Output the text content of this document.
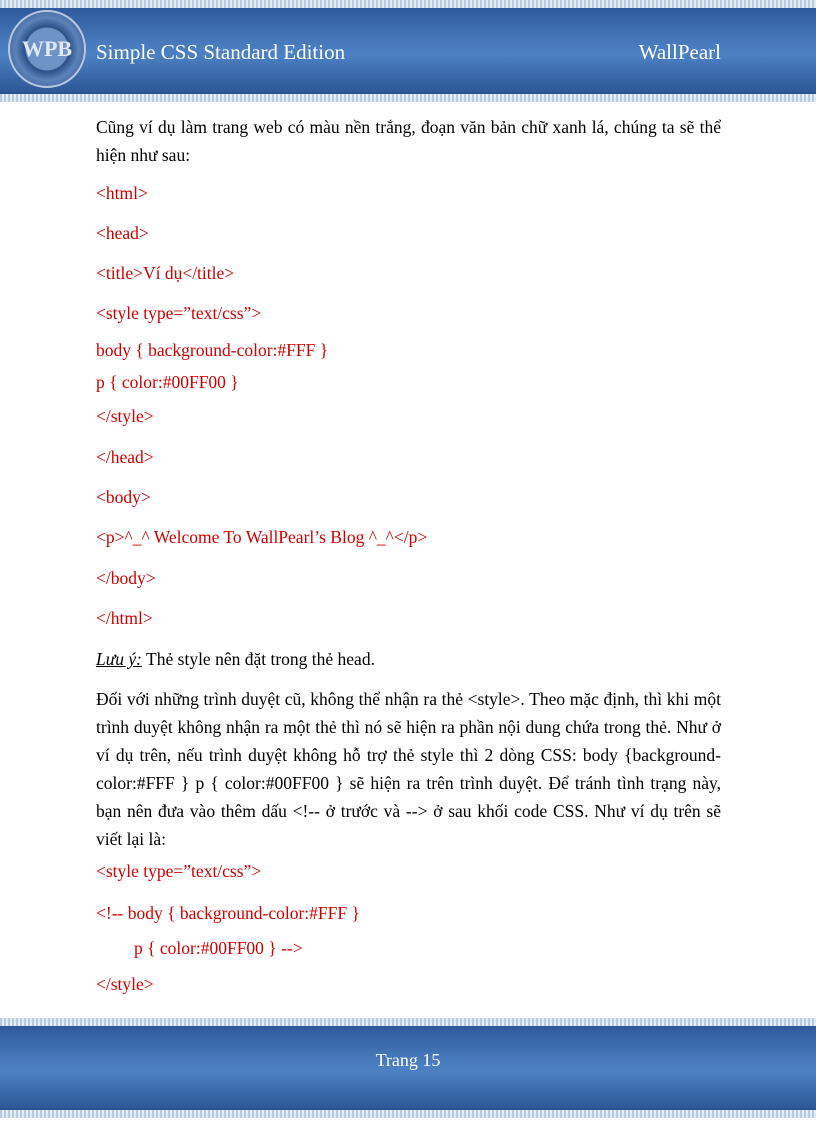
WPB Simple CSS Standard Edition	WallPearl
Cũng ví dụ làm trang web có màu nền trắng, đoạn văn bản chữ xanh lá, chúng ta sẽ thể hiện như sau:
<html>
<head>
<title>Ví dụ</title>
<style type=”text/css”>
body { background-color:#FFF }
p { color:#00FF00 }
</style>
</head>
<body>
<p>^_^ Welcome To WallPearl’s Blog ^_^</p>
</body>
</html>
Lưu ý: Thẻ style nên đặt trong thẻ head.
Đối với những trình duyệt cũ, không thể nhận ra thẻ <style>. Theo mặc định, thì khi một trình duyệt không nhận ra một thẻ thì nó sẽ hiện ra phần nội dung chứa trong thẻ. Như ở ví dụ trên, nếu trình duyệt không hỗ trợ thẻ style thì 2 dòng CSS: body {background-color:#FFF } p { color:#00FF00 } sẽ hiện ra trên trình duyệt. Để tránh tình trạng này, bạn nên đưa vào thêm dấu <!-- ở trước và --> ở sau khối code CSS. Như ví dụ trên sẽ viết lại là:
<style type=”text/css”>
<!-- body { background-color:#FFF }
p { color:#00FF00 } -->
</style>
Trang 15
